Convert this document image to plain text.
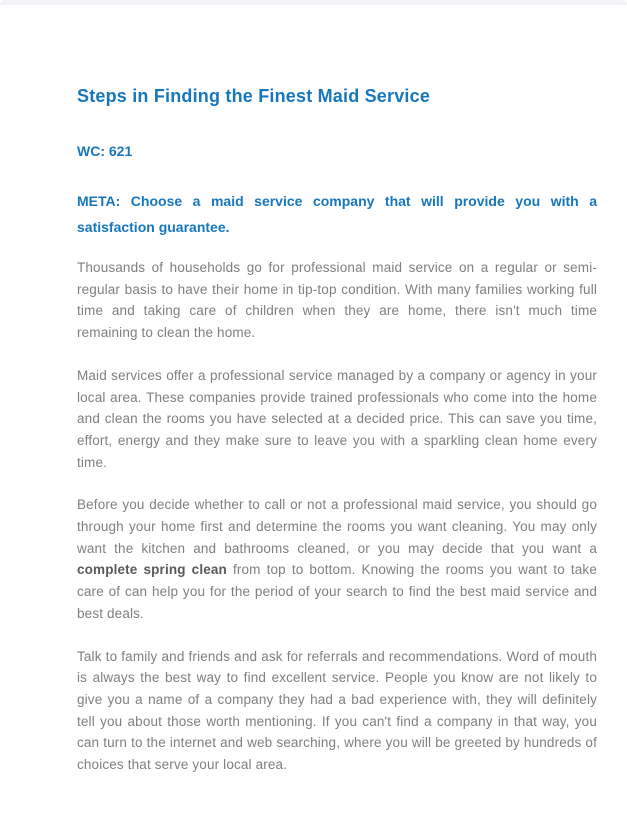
Steps in Finding the Finest Maid Service

WC: 621

META: Choose a maid service company that will provide you with a satisfaction guarantee.

Thousands of households go for professional maid service on a regular or semi-regular basis to have their home in tip-top condition. With many families working full time and taking care of children when they are home, there isn't much time remaining to clean the home.

Maid services offer a professional service managed by a company or agency in your local area. These companies provide trained professionals who come into the home and clean the rooms you have selected at a decided price. This can save you time, effort, energy and they make sure to leave you with a sparkling clean home every time.

Before you decide whether to call or not a professional maid service, you should go through your home first and determine the rooms you want cleaning. You may only want the kitchen and bathrooms cleaned, or you may decide that you want a complete spring clean from top to bottom. Knowing the rooms you want to take care of can help you for the period of your search to find the best maid service and best deals.

Talk to family and friends and ask for referrals and recommendations. Word of mouth is always the best way to find excellent service. People you know are not likely to give you a name of a company they had a bad experience with, they will definitely tell you about those worth mentioning. If you can't find a company in that way, you can turn to the internet and web searching, where you will be greeted by hundreds of choices that serve your local area.
